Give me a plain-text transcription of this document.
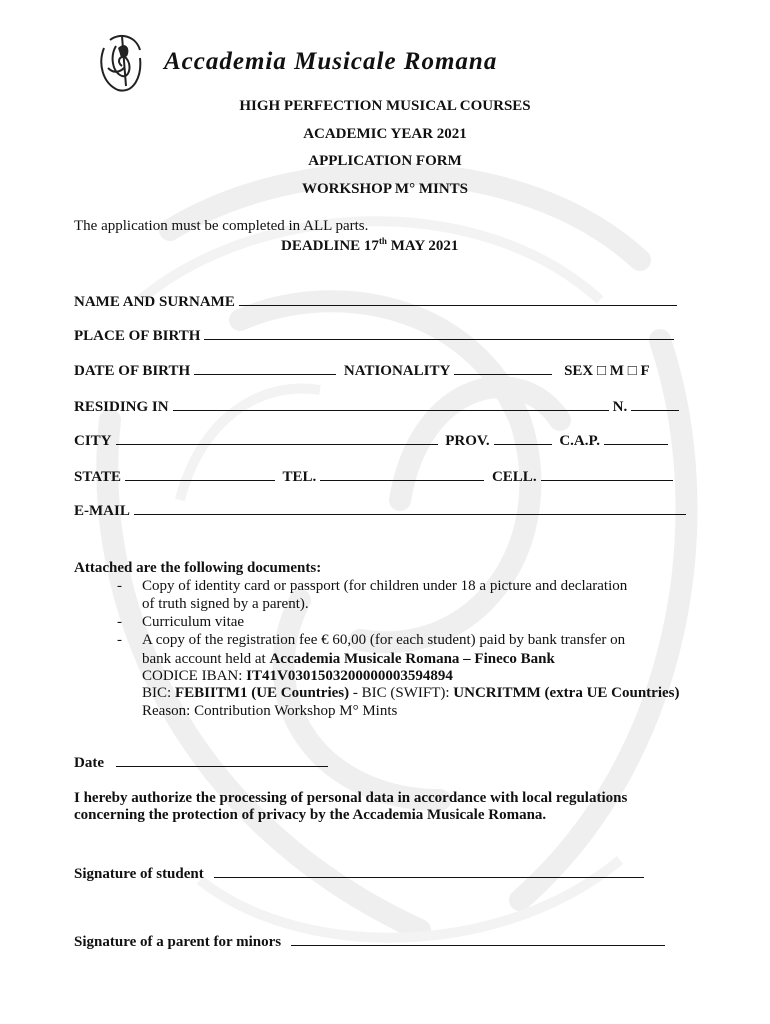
Accademia Musicale Romana
HIGH PERFECTION MUSICAL COURSES
ACADEMIC YEAR 2021
APPLICATION FORM
WORKSHOP M° MINTS
The application must be completed in ALL parts.
DEADLINE 17th MAY 2021
NAME AND SURNAME
PLACE OF BIRTH
DATE OF BIRTH	NATIONALITY	SEX □ M □ F
RESIDING IN	N.
CITY	PROV.	C.A.P.
STATE	TEL.	CELL.
E-MAIL
Attached are the following documents:
- Copy of identity card or passport (for children under 18 a picture and declaration
of truth signed by a parent).
- Curriculum vitae
- A copy of the registration fee € 60,00 (for each student) paid by bank transfer on
bank account held at Accademia Musicale Romana – Fineco Bank
CODICE IBAN: IT41V0301503200000003594894
BIC: FEBIITM1 (UE Countries) - BIC (SWIFT): UNCRITMM (extra UE Countries)
Reason: Contribution Workshop M° Mints
Date
I hereby authorize the processing of personal data in accordance with local regulations
concerning the protection of privacy by the Accademia Musicale Romana.
Signature of student
Signature of a parent for minors
